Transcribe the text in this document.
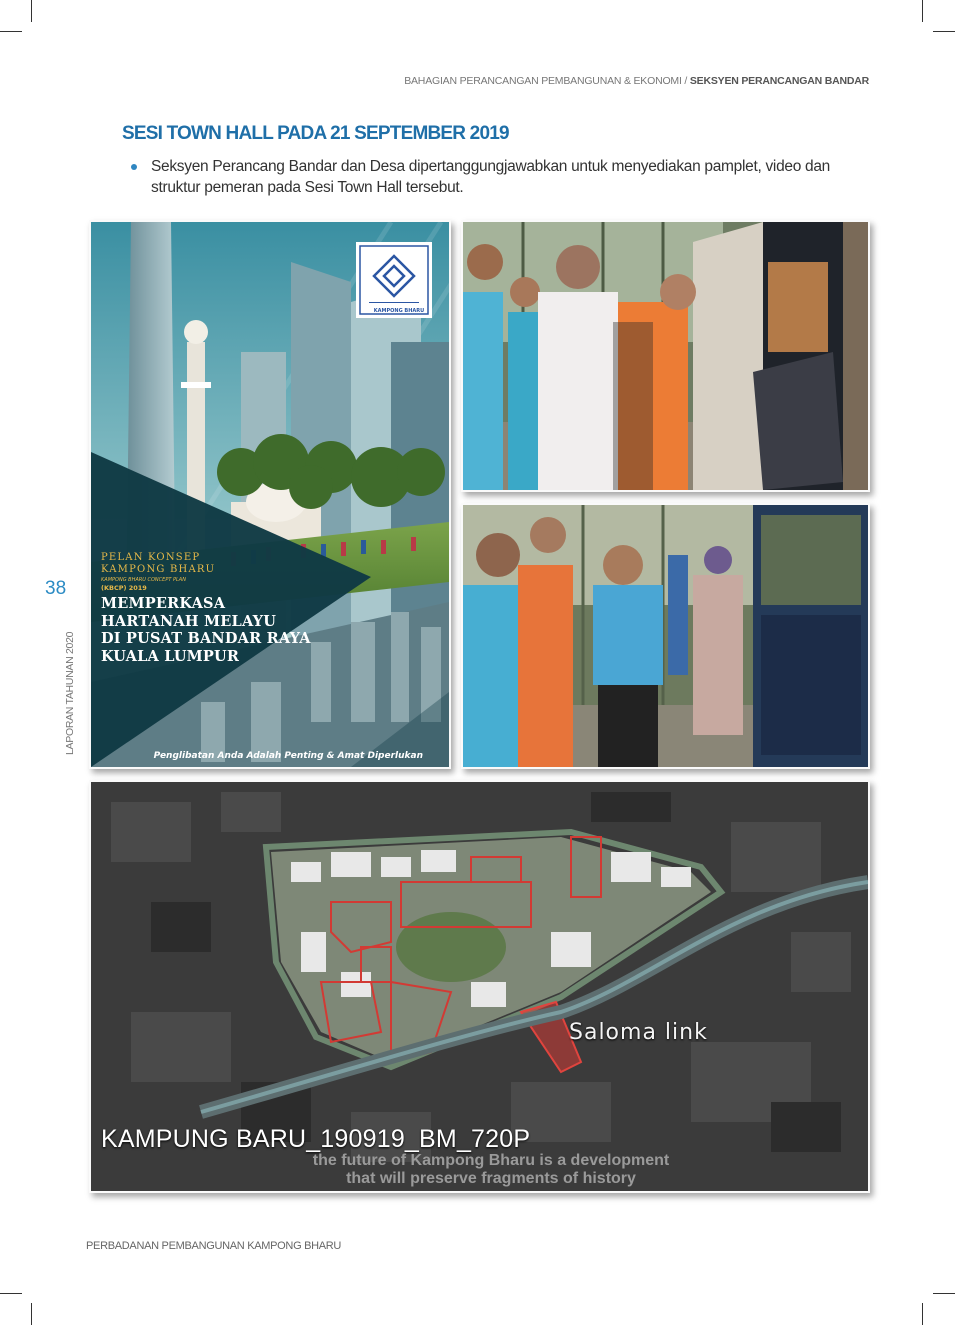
BAHAGIAN PERANCANGAN PEMBANGUNAN & EKONOMI / SEKSYEN PERANCANGAN BANDAR
SESI TOWN HALL PADA 21 SEPTEMBER 2019
Seksyen Perancang Bandar dan Desa dipertanggungjawabkan untuk menyediakan pamplet, video dan struktur pemeran pada Sesi Town Hall tersebut.
38
LAPORAN TAHUNAN 2020
KAMPONG BHARU
PELAN KONSEP
KAMPONG BHARU
KAMPONG BHARU CONCEPT PLAN
(KBCP) 2019
MEMPERKASA
HARTANAH MELAYU
DI PUSAT BANDAR RAYA
KUALA LUMPUR
Penglibatan Anda Adalah Penting & Amat Diperlukan
Saloma link
KAMPUNG BARU_190919_BM_720P
the future of Kampong Bharu is a development
that will preserve fragments of history
PERBADANAN PEMBANGUNAN KAMPONG BHARU
